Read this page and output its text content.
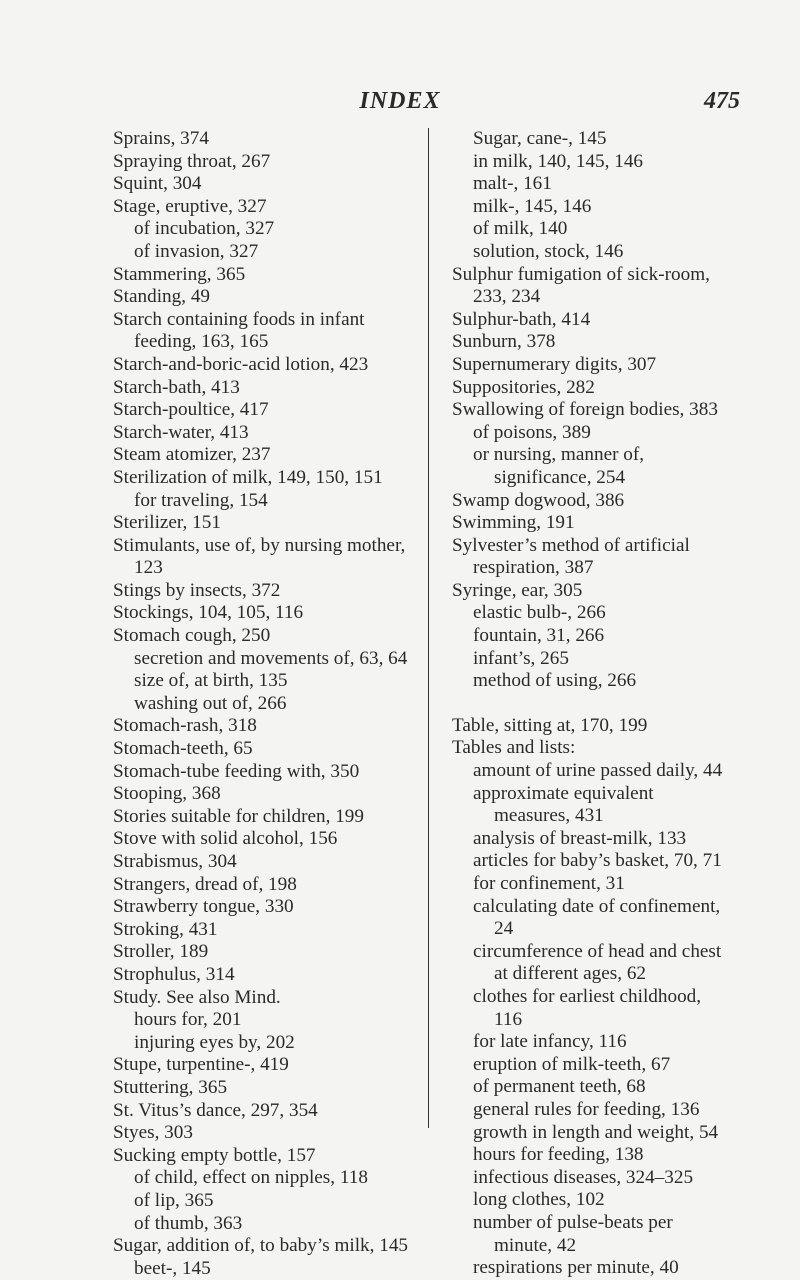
INDEX	475
Sprains, 374
Spraying throat, 267
Squint, 304
Stage, eruptive, 327
of incubation, 327
of invasion, 327
Stammering, 365
Standing, 49
Starch containing foods in infant feeding, 163, 165
Starch-and-boric-acid lotion, 423
Starch-bath, 413
Starch-poultice, 417
Starch-water, 413
Steam atomizer, 237
Sterilization of milk, 149, 150, 151
for traveling, 154
Sterilizer, 151
Stimulants, use of, by nursing mother, 123
Stings by insects, 372
Stockings, 104, 105, 116
Stomach cough, 250
secretion and movements of, 63, 64
size of, at birth, 135
washing out of, 266
Stomach-rash, 318
Stomach-teeth, 65
Stomach-tube feeding with, 350
Stooping, 368
Stories suitable for children, 199
Stove with solid alcohol, 156
Strabismus, 304
Strangers, dread of, 198
Strawberry tongue, 330
Stroking, 431
Stroller, 189
Strophulus, 314
Study. See also Mind.
hours for, 201
injuring eyes by, 202
Stupe, turpentine-, 419
Stuttering, 365
St. Vitus’s dance, 297, 354
Styes, 303
Sucking empty bottle, 157
of child, effect on nipples, 118
of lip, 365
of thumb, 363
Sugar, addition of, to baby’s milk, 145
beet-, 145
Sugar, cane-, 145
in milk, 140, 145, 146
malt-, 161
milk-, 145, 146
of milk, 140
solution, stock, 146
Sulphur fumigation of sick-room, 233, 234
Sulphur-bath, 414
Sunburn, 378
Supernumerary digits, 307
Suppositories, 282
Swallowing of foreign bodies, 383
of poisons, 389
or nursing, manner of, significance, 254
Swamp dogwood, 386
Swimming, 191
Sylvester’s method of artificial respiration, 387
Syringe, ear, 305
elastic bulb-, 266
fountain, 31, 266
infant’s, 265
method of using, 266
Table, sitting at, 170, 199
Tables and lists:
amount of urine passed daily, 44
approximate equivalent measures, 431
analysis of breast-milk, 133
articles for baby’s basket, 70, 71
for confinement, 31
calculating date of confinement, 24
circumference of head and chest at different ages, 62
clothes for earliest childhood, 116
for late infancy, 116
eruption of milk-teeth, 67
of permanent teeth, 68
general rules for feeding, 136
growth in length and weight, 54
hours for feeding, 138
infectious diseases, 324–325
long clothes, 102
number of pulse-beats per minute, 42
respirations per minute, 40
